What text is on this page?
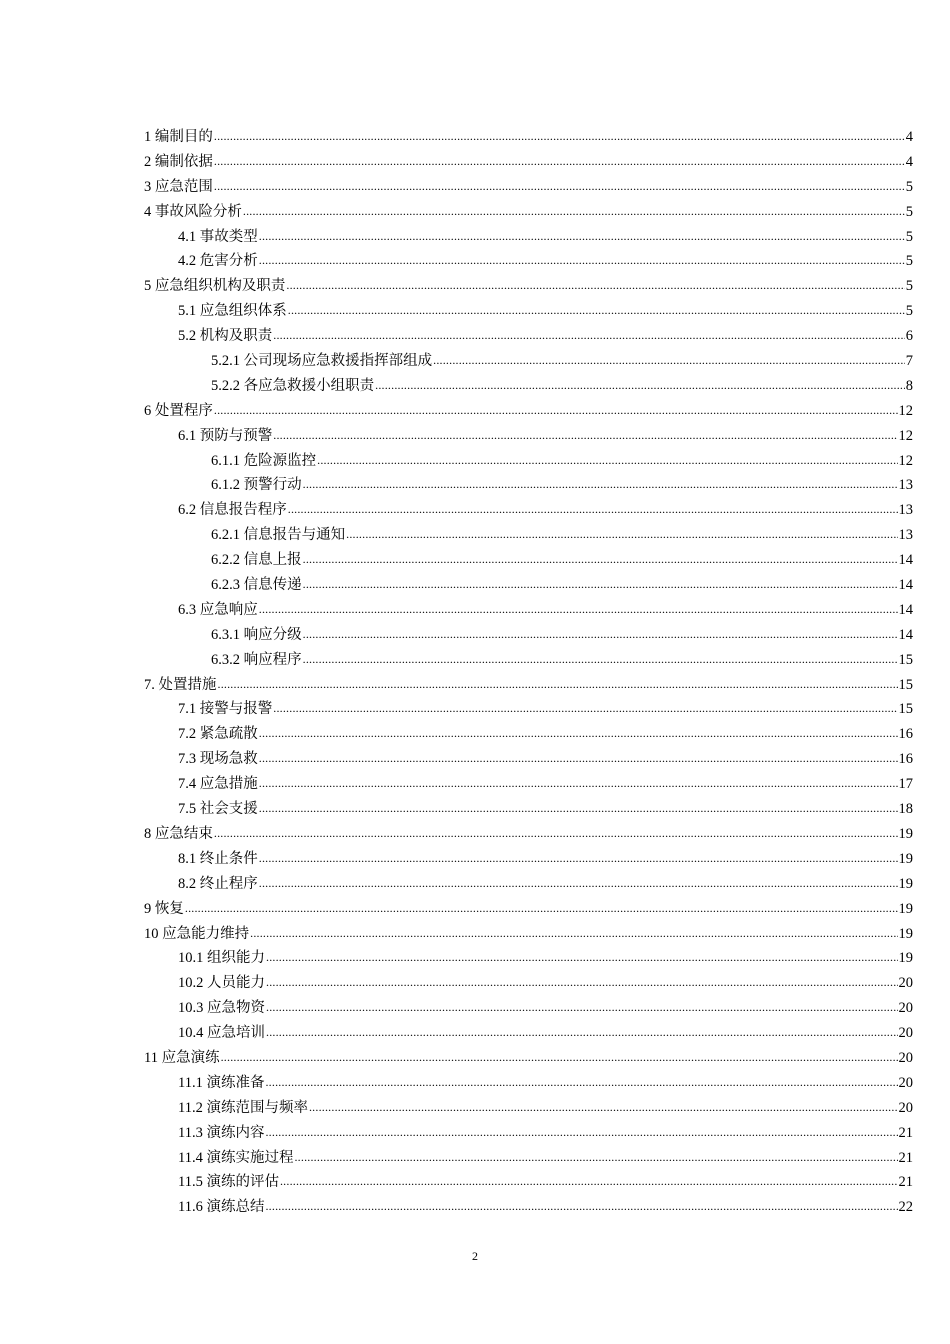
1 编制目的 .....	4
2 编制依据 .....	4
3 应急范围 .....	5
4 事故风险分析 .....	5
4.1 事故类型 .....	5
4.2 危害分析 .....	5
5 应急组织机构及职责 .....	5
5.1 应急组织体系 .....	5
5.2 机构及职责 .....	6
5.2.1 公司现场应急救援指挥部组成 .....	7
5.2.2 各应急救援小组职责 .....	8
6 处置程序 .....	12
6.1 预防与预警 .....	12
6.1.1 危险源监控 .....	12
6.1.2 预警行动 .....	13
6.2 信息报告程序 .....	13
6.2.1 信息报告与通知 .....	13
6.2.2 信息上报 .....	14
6.2.3 信息传递 .....	14
6.3 应急响应 .....	14
6.3.1 响应分级 .....	14
6.3.2 响应程序 .....	15
7. 处置措施 .....	15
7.1 接警与报警 .....	15
7.2 紧急疏散 .....	16
7.3 现场急救 .....	16
7.4 应急措施 .....	17
7.5 社会支援 .....	18
8 应急结束 .....	19
8.1 终止条件 .....	19
8.2 终止程序 .....	19
9 恢复 .....	19
10 应急能力维持 .....	19
10.1 组织能力 .....	19
10.2 人员能力 .....	20
10.3 应急物资 .....	20
10.4 应急培训 .....	20
11 应急演练 .....	20
11.1 演练准备 .....	20
11.2 演练范围与频率 .....	20
11.3 演练内容 .....	21
11.4 演练实施过程 .....	21
11.5 演练的评估 .....	21
11.6 演练总结 .....	22
2
